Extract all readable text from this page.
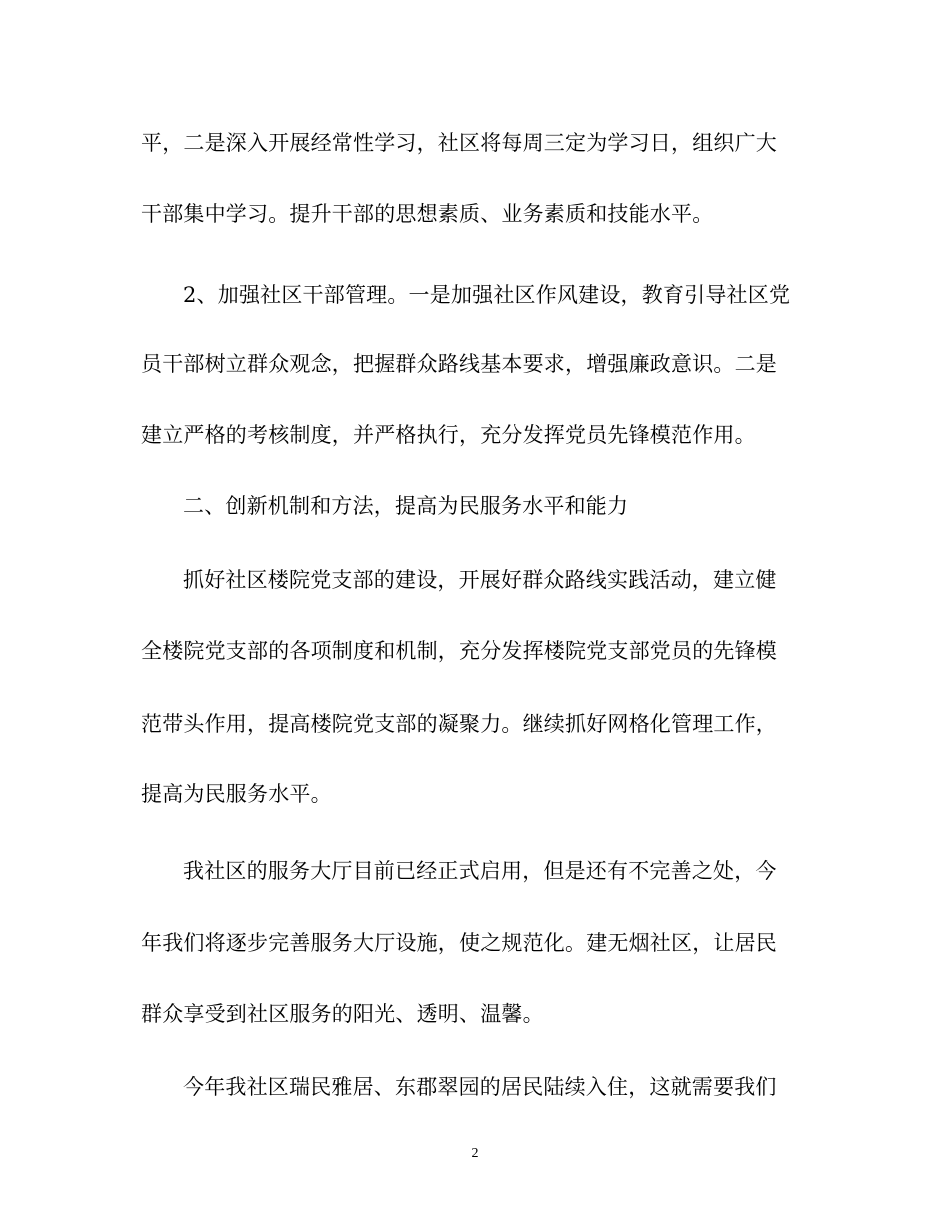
平，二是深入开展经常性学习，社区将每周三定为学习日，组织广大
干部集中学习。提升干部的思想素质、业务素质和技能水平。
2、加强社区干部管理。一是加强社区作风建设，教育引导社区党
员干部树立群众观念，把握群众路线基本要求，增强廉政意识。二是
建立严格的考核制度，并严格执行，充分发挥党员先锋模范作用。
二、创新机制和方法，提高为民服务水平和能力
抓好社区楼院党支部的建设，开展好群众路线实践活动，建立健
全楼院党支部的各项制度和机制，充分发挥楼院党支部党员的先锋模
范带头作用，提高楼院党支部的凝聚力。继续抓好网格化管理工作，
提高为民服务水平。
我社区的服务大厅目前已经正式启用，但是还有不完善之处，今
年我们将逐步完善服务大厅设施，使之规范化。建无烟社区，让居民
群众享受到社区服务的阳光、透明、温馨。
今年我社区瑞民雅居、东郡翠园的居民陆续入住，这就需要我们
2
